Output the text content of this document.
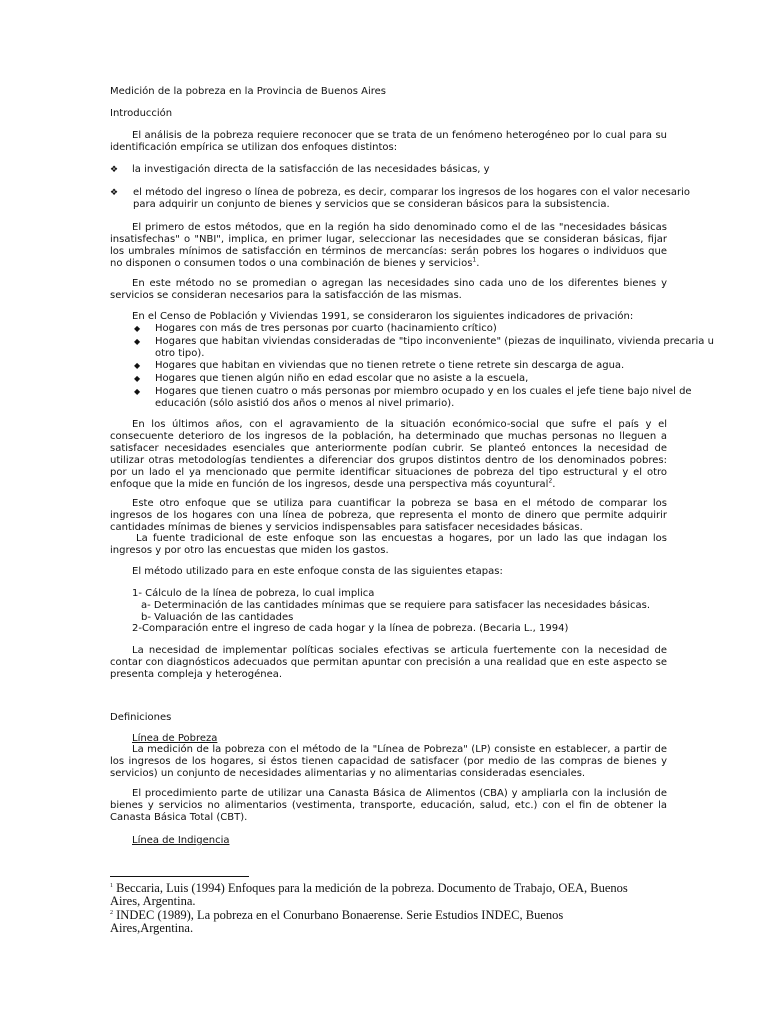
Medición de la pobreza en la Provincia de Buenos Aires
Introducción
El análisis de la pobreza requiere reconocer que se trata de un fenómeno heterogéneo por lo cual para su identificación empírica se utilizan dos enfoques distintos:
❖ la investigación directa de la satisfacción de las necesidades básicas, y
❖ el método del ingreso o línea de pobreza, es decir, comparar los ingresos de los hogares con el valor necesario
para adquirir un conjunto de bienes y servicios que se consideran básicos para la subsistencia.
El primero de estos métodos, que en la región ha sido denominado como el de las "necesidades básicas insatisfechas" o "NBI", implica, en primer lugar, seleccionar las necesidades que se consideran básicas, fijar los umbrales mínimos de satisfacción en términos de mercancías: serán pobres los hogares o individuos que no disponen o consumen todos o una combinación de bienes y servicios$^1$.
En este método no se promedian o agregan las necesidades sino cada uno de los diferentes bienes y servicios se consideran necesarios para la satisfacción de las mismas.
En el Censo de Población y Viviendas 1991, se consideraron los siguientes indicadores de privación:
◆ Hogares con más de tres personas por cuarto (hacinamiento crítico)
◆ Hogares que habitan viviendas consideradas de "tipo inconveniente" (piezas de inquilinato, vivienda precaria u
otro tipo).
◆ Hogares que habitan en viviendas que no tienen retrete o tiene retrete sin descarga de agua.
◆ Hogares que tienen algún niño en edad escolar que no asiste a la escuela,
◆ Hogares que tienen cuatro o más personas por miembro ocupado y en los cuales el jefe tiene bajo nivel de
educación (sólo asistió dos años o menos al nivel primario).
En los últimos años, con el agravamiento de la situación económico-social que sufre el país y el consecuente deterioro de los ingresos de la población, ha determinado que muchas personas no lleguen a satisfacer necesidades esenciales que anteriormente podían cubrir. Se planteó entonces la necesidad de utilizar otras metodologías tendientes a diferenciar dos grupos distintos dentro de los denominados pobres: por un lado el ya mencionado que permite identificar situaciones de pobreza del tipo estructural y el otro enfoque que la mide en función de los ingresos, desde una perspectiva más coyuntural$^2$.
Este otro enfoque que se utiliza para cuantificar la pobreza se basa en el método de comparar los ingresos de los hogares con una línea de pobreza, que representa el monto de dinero que permite adquirir cantidades mínimas de bienes y servicios indispensables para satisfacer necesidades básicas.
La fuente tradicional de este enfoque son las encuestas a hogares, por un lado las que indagan los ingresos y por otro las encuestas que miden los gastos.
El método utilizado para en este enfoque consta de las siguientes etapas:
1- Cálculo de la línea de pobreza, lo cual implica
a- Determinación de las cantidades mínimas que se requiere para satisfacer las necesidades básicas.
b- Valuación de las cantidades
2-Comparación entre el ingreso de cada hogar y la línea de pobreza. (Becaria L., 1994)
La necesidad de implementar políticas sociales efectivas se articula fuertemente con la necesidad de contar con diagnósticos adecuados que permitan apuntar con precisión a una realidad que en este aspecto se presenta compleja y heterogénea.
Definiciones
Línea de Pobreza
La medición de la pobreza con el método de la "Línea de Pobreza" (LP) consiste en establecer, a partir de los ingresos de los hogares, si éstos tienen capacidad de satisfacer (por medio de las compras de bienes y servicios) un conjunto de necesidades alimentarias y no alimentarias consideradas esenciales.
El procedimiento parte de utilizar una Canasta Básica de Alimentos (CBA) y ampliarla con la inclusión de bienes y servicios no alimentarios (vestimenta, transporte, educación, salud, etc.) con el fin de obtener la Canasta Básica Total (CBT).
Línea de Indigencia
$^1$ Beccaria, Luis (1994) Enfoques para la medición de la pobreza. Documento de Trabajo, OEA, Buenos
Aires, Argentina.
$^2$ INDEC (1989), La pobreza en el Conurbano Bonaerense. Serie Estudios INDEC, Buenos
Aires,Argentina.
